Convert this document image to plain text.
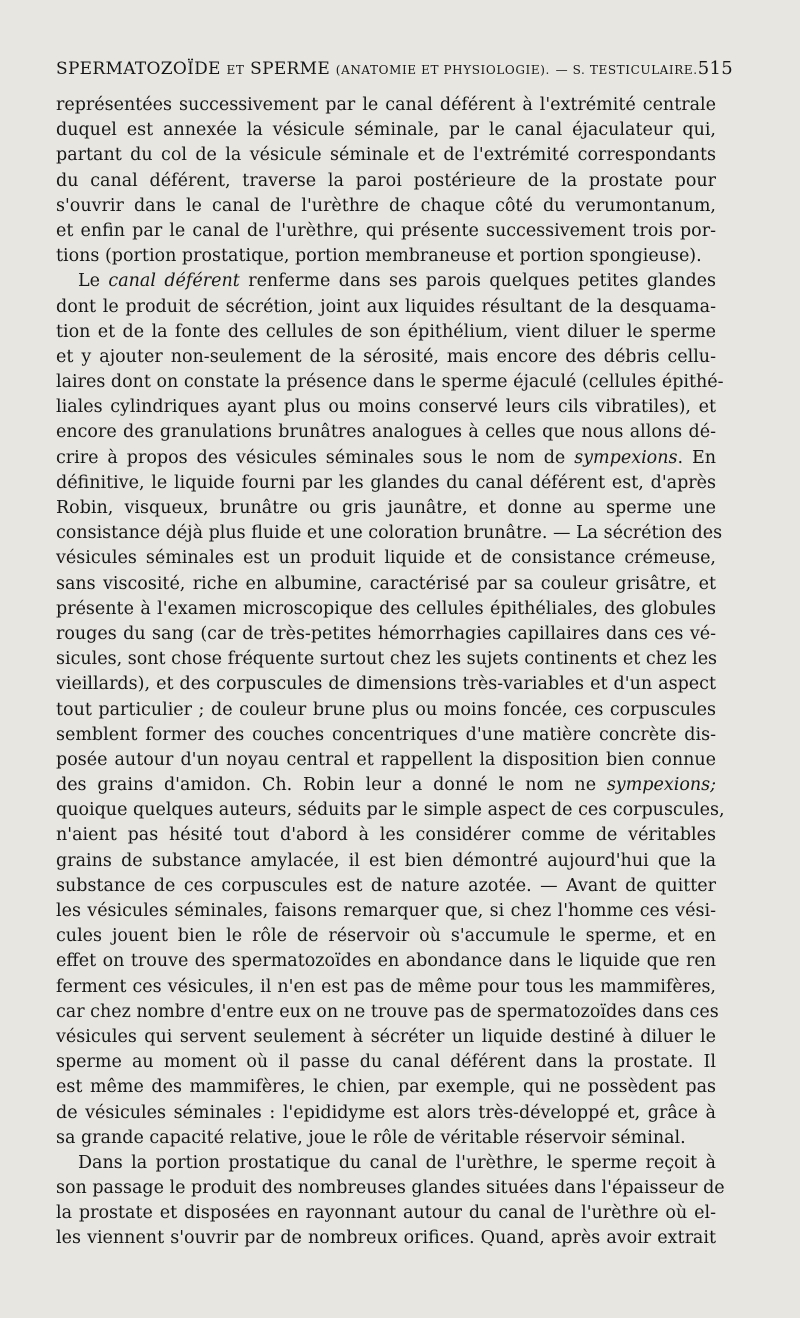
SPERMATOZOÏDE ET SPERME (ANATOMIE ET PHYSIOLOGIE). — S. TESTICULAIRE. 515
représentées successivement par le canal déférent à l'extrémité centrale
duquel est annexée la vésicule séminale, par le canal éjaculateur qui,
partant du col de la vésicule séminale et de l'extrémité correspondants
du canal déférent, traverse la paroi postérieure de la prostate pour
s'ouvrir dans le canal de l'urèthre de chaque côté du verumontanum,
et enfin par le canal de l'urèthre, qui présente successivement trois por-
tions (portion prostatique, portion membraneuse et portion spongieuse).
Le canal déférent renferme dans ses parois quelques petites glandes
dont le produit de sécrétion, joint aux liquides résultant de la desquama-
tion et de la fonte des cellules de son épithélium, vient diluer le sperme
et y ajouter non-seulement de la sérosité, mais encore des débris cellu-
laires dont on constate la présence dans le sperme éjaculé (cellules épithé-
liales cylindriques ayant plus ou moins conservé leurs cils vibratiles), et
encore des granulations brunâtres analogues à celles que nous allons dé-
crire à propos des vésicules séminales sous le nom de sympexions. En
définitive, le liquide fourni par les glandes du canal déférent est, d'après
Robin, visqueux, brunâtre ou gris jaunâtre, et donne au sperme une
consistance déjà plus fluide et une coloration brunâtre. — La sécrétion des
vésicules séminales est un produit liquide et de consistance crémeuse,
sans viscosité, riche en albumine, caractérisé par sa couleur grisâtre, et
présente à l'examen microscopique des cellules épithéliales, des globules
rouges du sang (car de très-petites hémorrhagies capillaires dans ces vé-
sicules, sont chose fréquente surtout chez les sujets continents et chez les
vieillards), et des corpuscules de dimensions très-variables et d'un aspect
tout particulier ; de couleur brune plus ou moins foncée, ces corpuscules
semblent former des couches concentriques d'une matière concrète dis-
posée autour d'un noyau central et rappellent la disposition bien connue
des grains d'amidon. Ch. Robin leur a donné le nom ne sympexions;
quoique quelques auteurs, séduits par le simple aspect de ces corpuscules,
n'aient pas hésité tout d'abord à les considérer comme de véritables
grains de substance amylacée, il est bien démontré aujourd'hui que la
substance de ces corpuscules est de nature azotée. — Avant de quitter
les vésicules séminales, faisons remarquer que, si chez l'homme ces vési-
cules jouent bien le rôle de réservoir où s'accumule le sperme, et en
effet on trouve des spermatozoïdes en abondance dans le liquide que ren
ferment ces vésicules, il n'en est pas de même pour tous les mammifères,
car chez nombre d'entre eux on ne trouve pas de spermatozoïdes dans ces
vésicules qui servent seulement à sécréter un liquide destiné à diluer le
sperme au moment où il passe du canal déférent dans la prostate. Il
est même des mammifères, le chien, par exemple, qui ne possèdent pas
de vésicules séminales : l'epididyme est alors très-développé et, grâce à
sa grande capacité relative, joue le rôle de véritable réservoir séminal.
Dans la portion prostatique du canal de l'urèthre, le sperme reçoit à
son passage le produit des nombreuses glandes situées dans l'épaisseur de
la prostate et disposées en rayonnant autour du canal de l'urèthre où el-
les viennent s'ouvrir par de nombreux orifices. Quand, après avoir extrait
